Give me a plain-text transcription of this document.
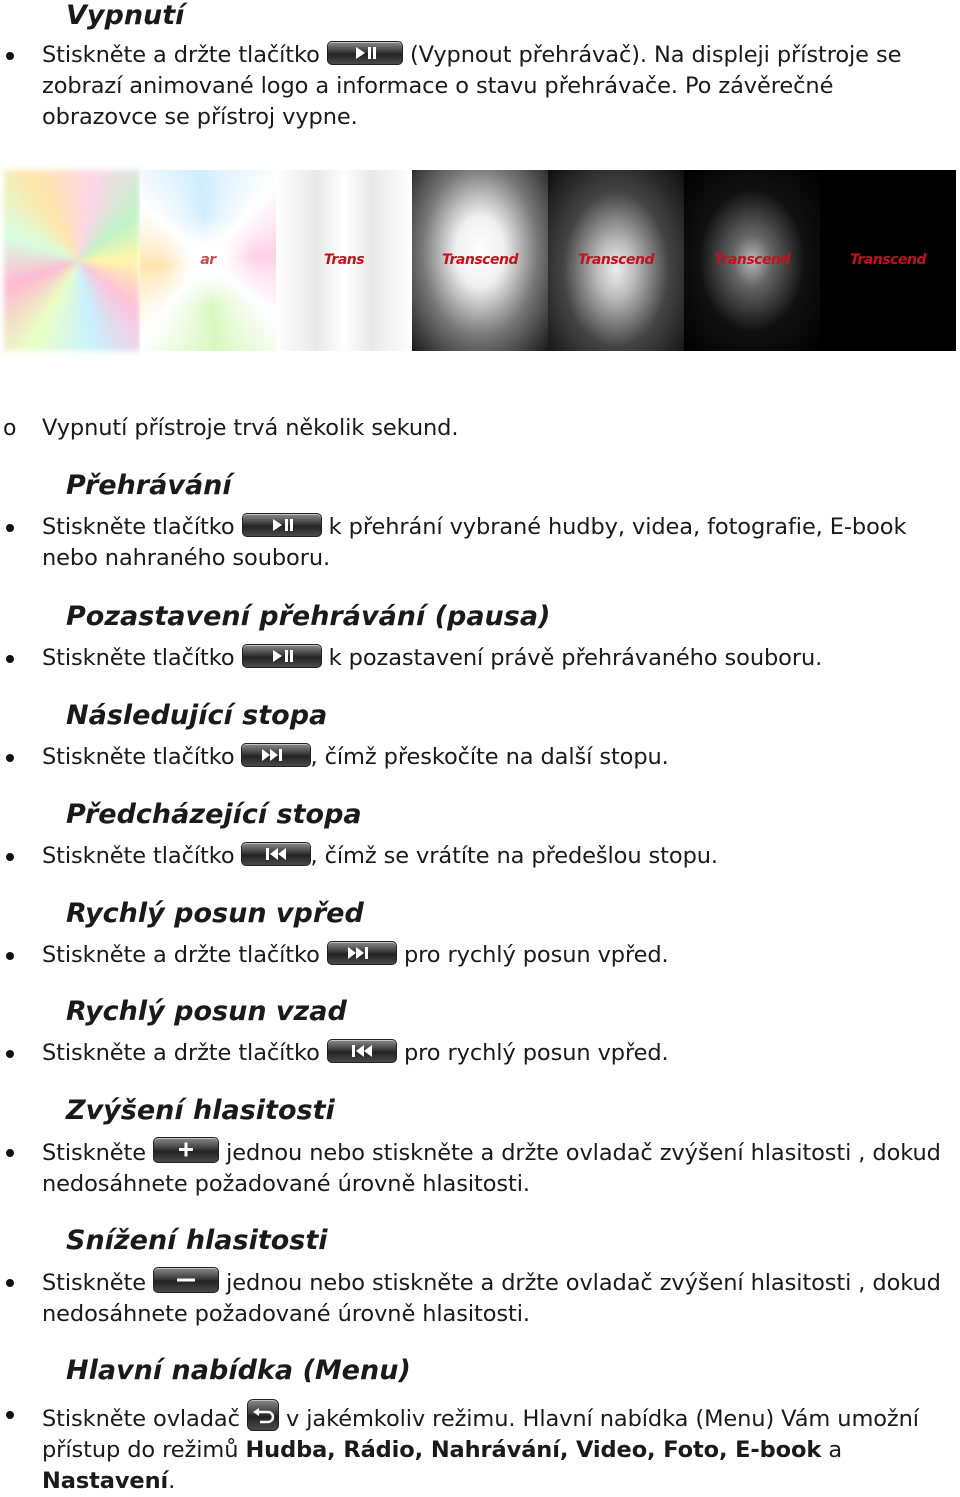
Vypnutí
Stiskněte a držte tlačítko	(Vypnout přehrávač). Na displeji přístroje se zobrazí animované logo a informace o stavu přehrávače. Po závěrečné obrazovce se přístroj vypne.
ar	Trans	Transcend	Transcend	Transcend	Transcend
o Vypnutí přístroje trvá několik sekund.
Přehrávání
Stiskněte tlačítko	k přehrání vybrané hudby, videa, fotografie, E-book nebo nahraného souboru.
Pozastavení přehrávání (pausa)
Stiskněte tlačítko	k pozastavení právě přehrávaného souboru.
Následující stopa
Stiskněte tlačítko	, čímž přeskočíte na další stopu.
Předcházející stopa
Stiskněte tlačítko	, čímž se vrátíte na předešlou stopu.
Rychlý posun vpřed
Stiskněte a držte tlačítko	pro rychlý posun vpřed.
Rychlý posun vzad
Stiskněte a držte tlačítko	pro rychlý posun vpřed.
Zvýšení hlasitosti
Stiskněte	jednou nebo stiskněte a držte ovladač zvýšení hlasitosti , dokud nedosáhnete požadované úrovně hlasitosti.
Snížení hlasitosti
Stiskněte	jednou nebo stiskněte a držte ovladač zvýšení hlasitosti , dokud nedosáhnete požadované úrovně hlasitosti.
Hlavní nabídka (Menu)
Stiskněte ovladač v jakémkoliv režimu. Hlavní nabídka (Menu) Vám umožní přístup do režimů Hudba, Rádio, Nahrávání, Video, Foto, E-book a Nastavení.
